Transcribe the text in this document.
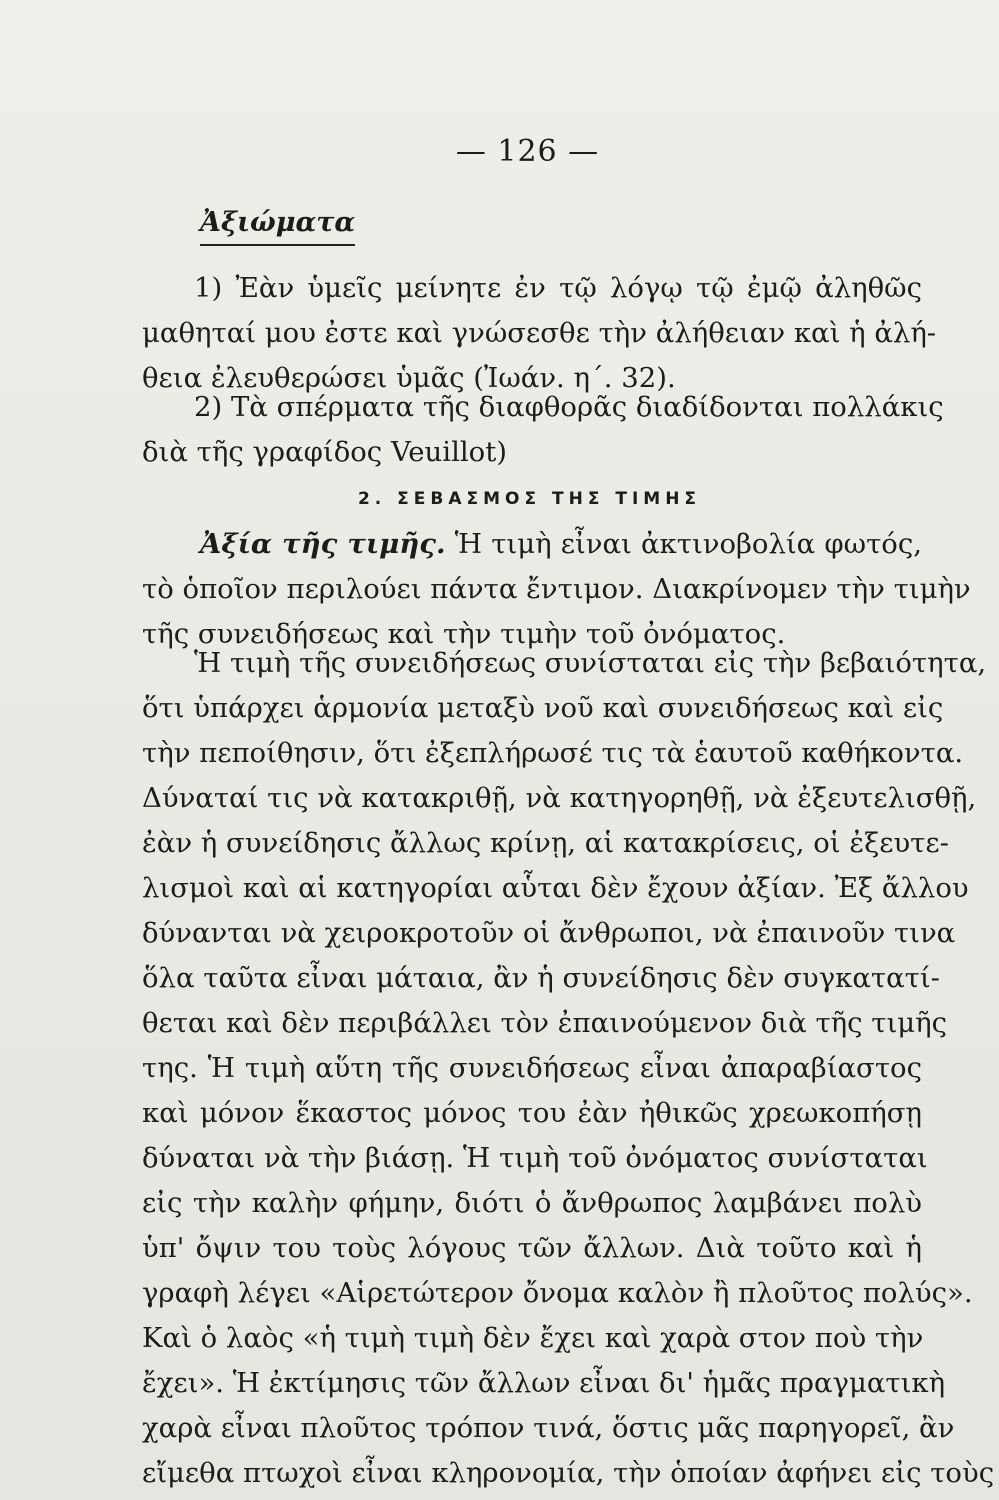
— 126 —
Ἀξιώματα
1) Ἐὰν ὑμεῖς μείνητε ἐν τῷ λόγῳ τῷ ἐμῷ ἀληθῶς
μαθηταί μου ἐστε καὶ γνώσεσθε τὴν ἀλήθειαν καὶ ἡ ἀλή-
θεια ἐλευθερώσει ὑμᾶς (Ἰωάν. η΄. 32).
2) Τὰ σπέρματα τῆς διαφθορᾶς διαδίδονται πολλάκις
διὰ τῆς γραφίδος Veuillot)
2. ΣΕΒΑΣΜΟΣ ΤΗΣ ΤΙΜΗΣ
Ἀξία τῆς τιμῆς. Ἡ τιμὴ εἶναι ἀκτινοβολία φωτός,
τὸ ὁποῖον περιλούει πάντα ἔντιμον. Διακρίνομεν τὴν τιμὴν
τῆς συνειδήσεως καὶ τὴν τιμὴν τοῦ ὀνόματος.
Ἡ τιμὴ τῆς συνειδήσεως συνίσταται εἰς τὴν βεβαιότητα,
ὅτι ὑπάρχει ἁρμονία μεταξὺ νοῦ καὶ συνειδήσεως καὶ εἰς
τὴν πεποίθησιν, ὅτι ἐξεπλήρωσέ τις τὰ ἑαυτοῦ καθήκοντα.
Δύναταί τις νὰ κατακριθῇ, νὰ κατηγορηθῇ, νὰ ἐξευτελισθῇ,
ἐὰν ἡ συνείδησις ἄλλως κρίνῃ, αἱ κατακρίσεις, οἱ ἐξευτε-
λισμοὶ καὶ αἱ κατηγορίαι αὗται δὲν ἔχουν ἀξίαν. Ἐξ ἄλλου
δύνανται νὰ χειροκροτοῦν οἱ ἄνθρωποι, νὰ ἐπαινοῦν τινα
ὅλα ταῦτα εἶναι μάταια, ἂν ἡ συνείδησις δὲν συγκατατί-
θεται καὶ δὲν περιβάλλει τὸν ἐπαινούμενον διὰ τῆς τιμῆς
της. Ἡ τιμὴ αὕτη τῆς συνειδήσεως εἶναι ἀπαραβίαστος
καὶ μόνον ἕκαστος μόνος του ἐὰν ἠθικῶς χρεωκοπήσῃ
δύναται νὰ τὴν βιάσῃ. Ἡ τιμὴ τοῦ ὀνόματος συνίσταται
εἰς τὴν καλὴν φήμην, διότι ὁ ἄνθρωπος λαμβάνει πολὺ
ὑπ' ὄψιν του τοὺς λόγους τῶν ἄλλων. Διὰ τοῦτο καὶ ἡ
γραφὴ λέγει «Αἱρετώτερον ὄνομα καλὸν ἢ πλοῦτος πολύς».
Καὶ ὁ λαὸς «ἡ τιμὴ τιμὴ δὲν ἔχει καὶ χαρὰ στον ποὺ τὴν
ἔχει». Ἡ ἐκτίμησις τῶν ἄλλων εἶναι δι' ἡμᾶς πραγματικὴ
χαρὰ εἶναι πλοῦτος τρόπον τινά, ὅστις μᾶς παρηγορεῖ, ἂν
εἴμεθα πτωχοὶ εἶναι κληρονομία, τὴν ὁποίαν ἀφήνει εἰς τοὺς
